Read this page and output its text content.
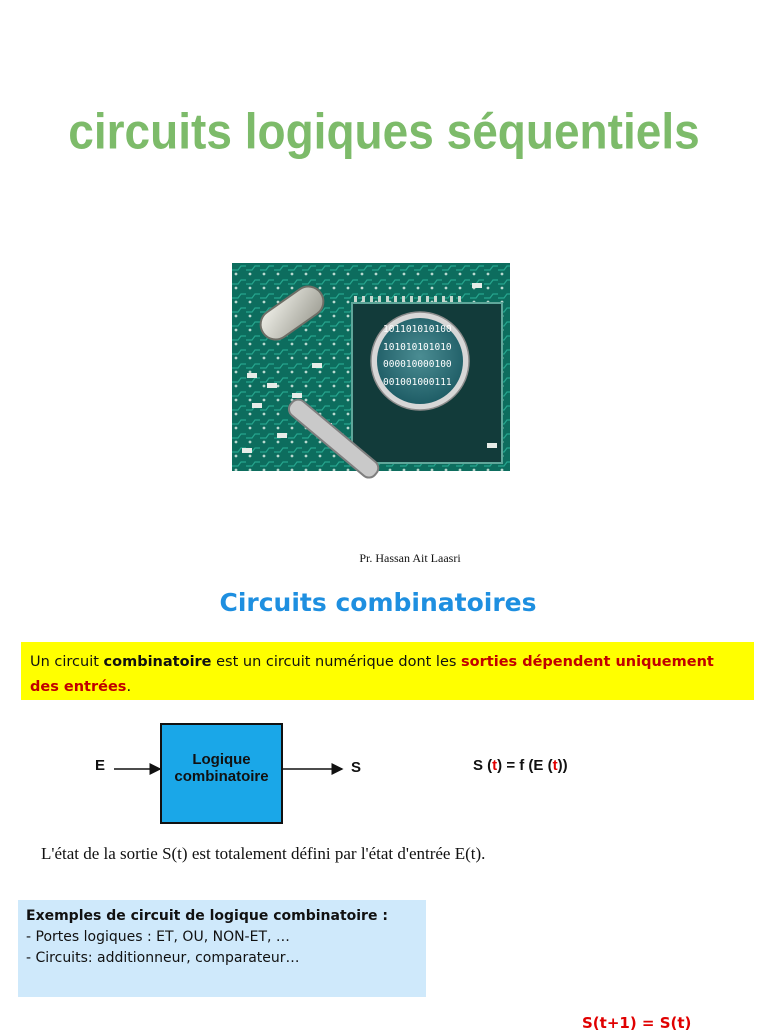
circuits logiques séquentiels
101101010100
101010101010
000010000100
001001000111
Pr. Hassan Ait Laasri
Circuits combinatoires
Un circuit combinatoire est un circuit numérique dont les sorties dépendent uniquement des entrées.
E	Logique
combinatoire
S	S (t) = f (E (t))
L'état de la sortie S(t) est totalement défini par l'état d'entrée E(t).
Exemples de circuit de logique combinatoire :
- Portes logiques : ET, OU, NON-ET, …
- Circuits: additionneur, comparateur…
S(t+1) = S(t)
